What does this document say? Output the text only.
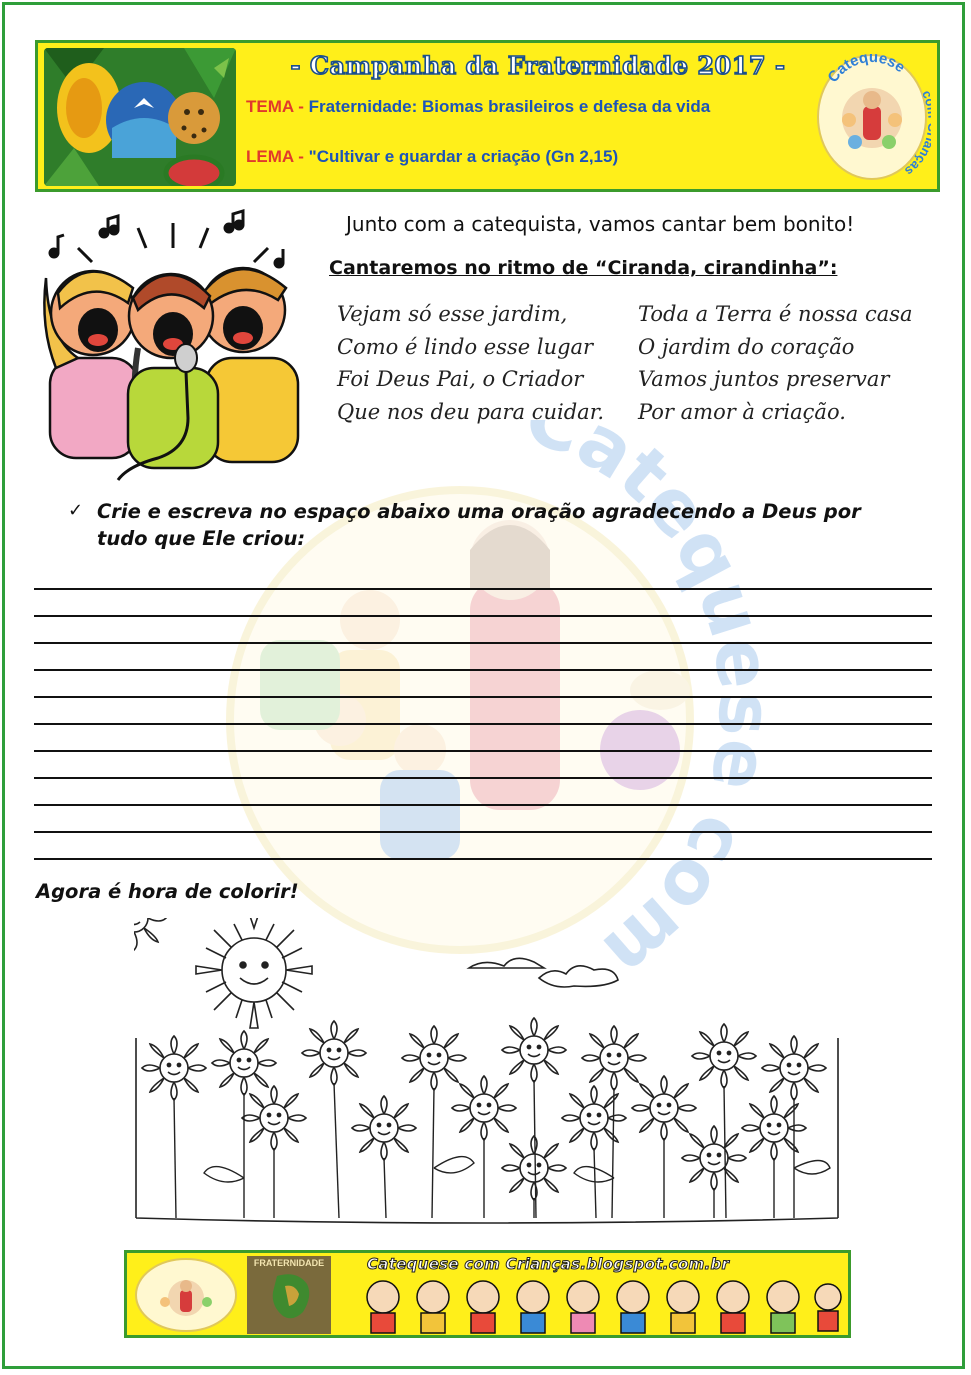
- Campanha da Fraternidade 2017 -
TEMA - Fraternidade: Biomas brasileiros e defesa da vida
LEMA - "Cultivar e guardar a criação (Gn 2,15)
Catequese
ças
Catequese com
Junto com a catequista, vamos cantar bem bonito!
Cantaremos no ritmo de “Ciranda, cirandinha”:
Vejam só esse jardim,
Como é lindo esse lugar
Foi Deus Pai, o Criador
Que nos deu para cuidar.
Toda a Terra é nossa casa
O jardim do coração
Vamos juntos preservar
Por amor à criação.
✓ Crie e escreva no espaço abaixo uma oração agradecendo a Deus por tudo que Ele criou:
Agora é hora de colorir!
FRATERNIDADE	Catequese com Crianças.blogspot.com.br
